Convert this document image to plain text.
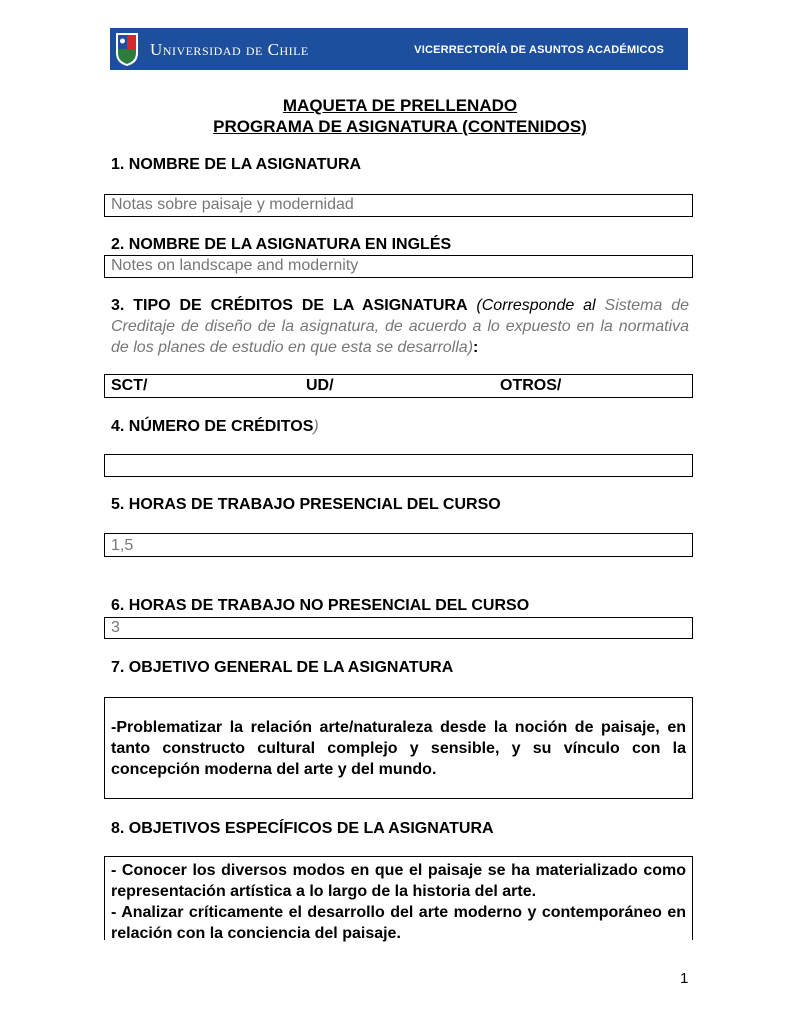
Universidad de Chile	VICERRECTORÍA DE ASUNTOS ACADÉMICOS
MAQUETA DE PRELLENADO
PROGRAMA DE ASIGNATURA (CONTENIDOS)
1. NOMBRE DE LA ASIGNATURA
Notas sobre paisaje y modernidad
2. NOMBRE DE LA ASIGNATURA EN INGLÉS
Notes on landscape and modernity
3. TIPO DE CRÉDITOS DE LA ASIGNATURA (Corresponde al Sistema de Creditaje de diseño de la asignatura, de acuerdo a lo expuesto en la normativa de los planes de estudio en que esta se desarrolla):
SCT/	UD/	OTROS/
4. NÚMERO DE CRÉDITOS)
5. HORAS DE TRABAJO PRESENCIAL DEL CURSO
1,5
6. HORAS DE TRABAJO NO PRESENCIAL DEL CURSO
3
7. OBJETIVO GENERAL DE LA ASIGNATURA
-Problematizar la relación arte/naturaleza desde la noción de paisaje, en tanto constructo cultural complejo y sensible, y su vínculo con la concepción moderna del arte y del mundo.
8. OBJETIVOS ESPECÍFICOS DE LA ASIGNATURA
- Conocer los diversos modos en que el paisaje se ha materializado como representación artística a lo largo de la historia del arte.
- Analizar críticamente el desarrollo del arte moderno y contemporáneo en relación con la conciencia del paisaje.
1
